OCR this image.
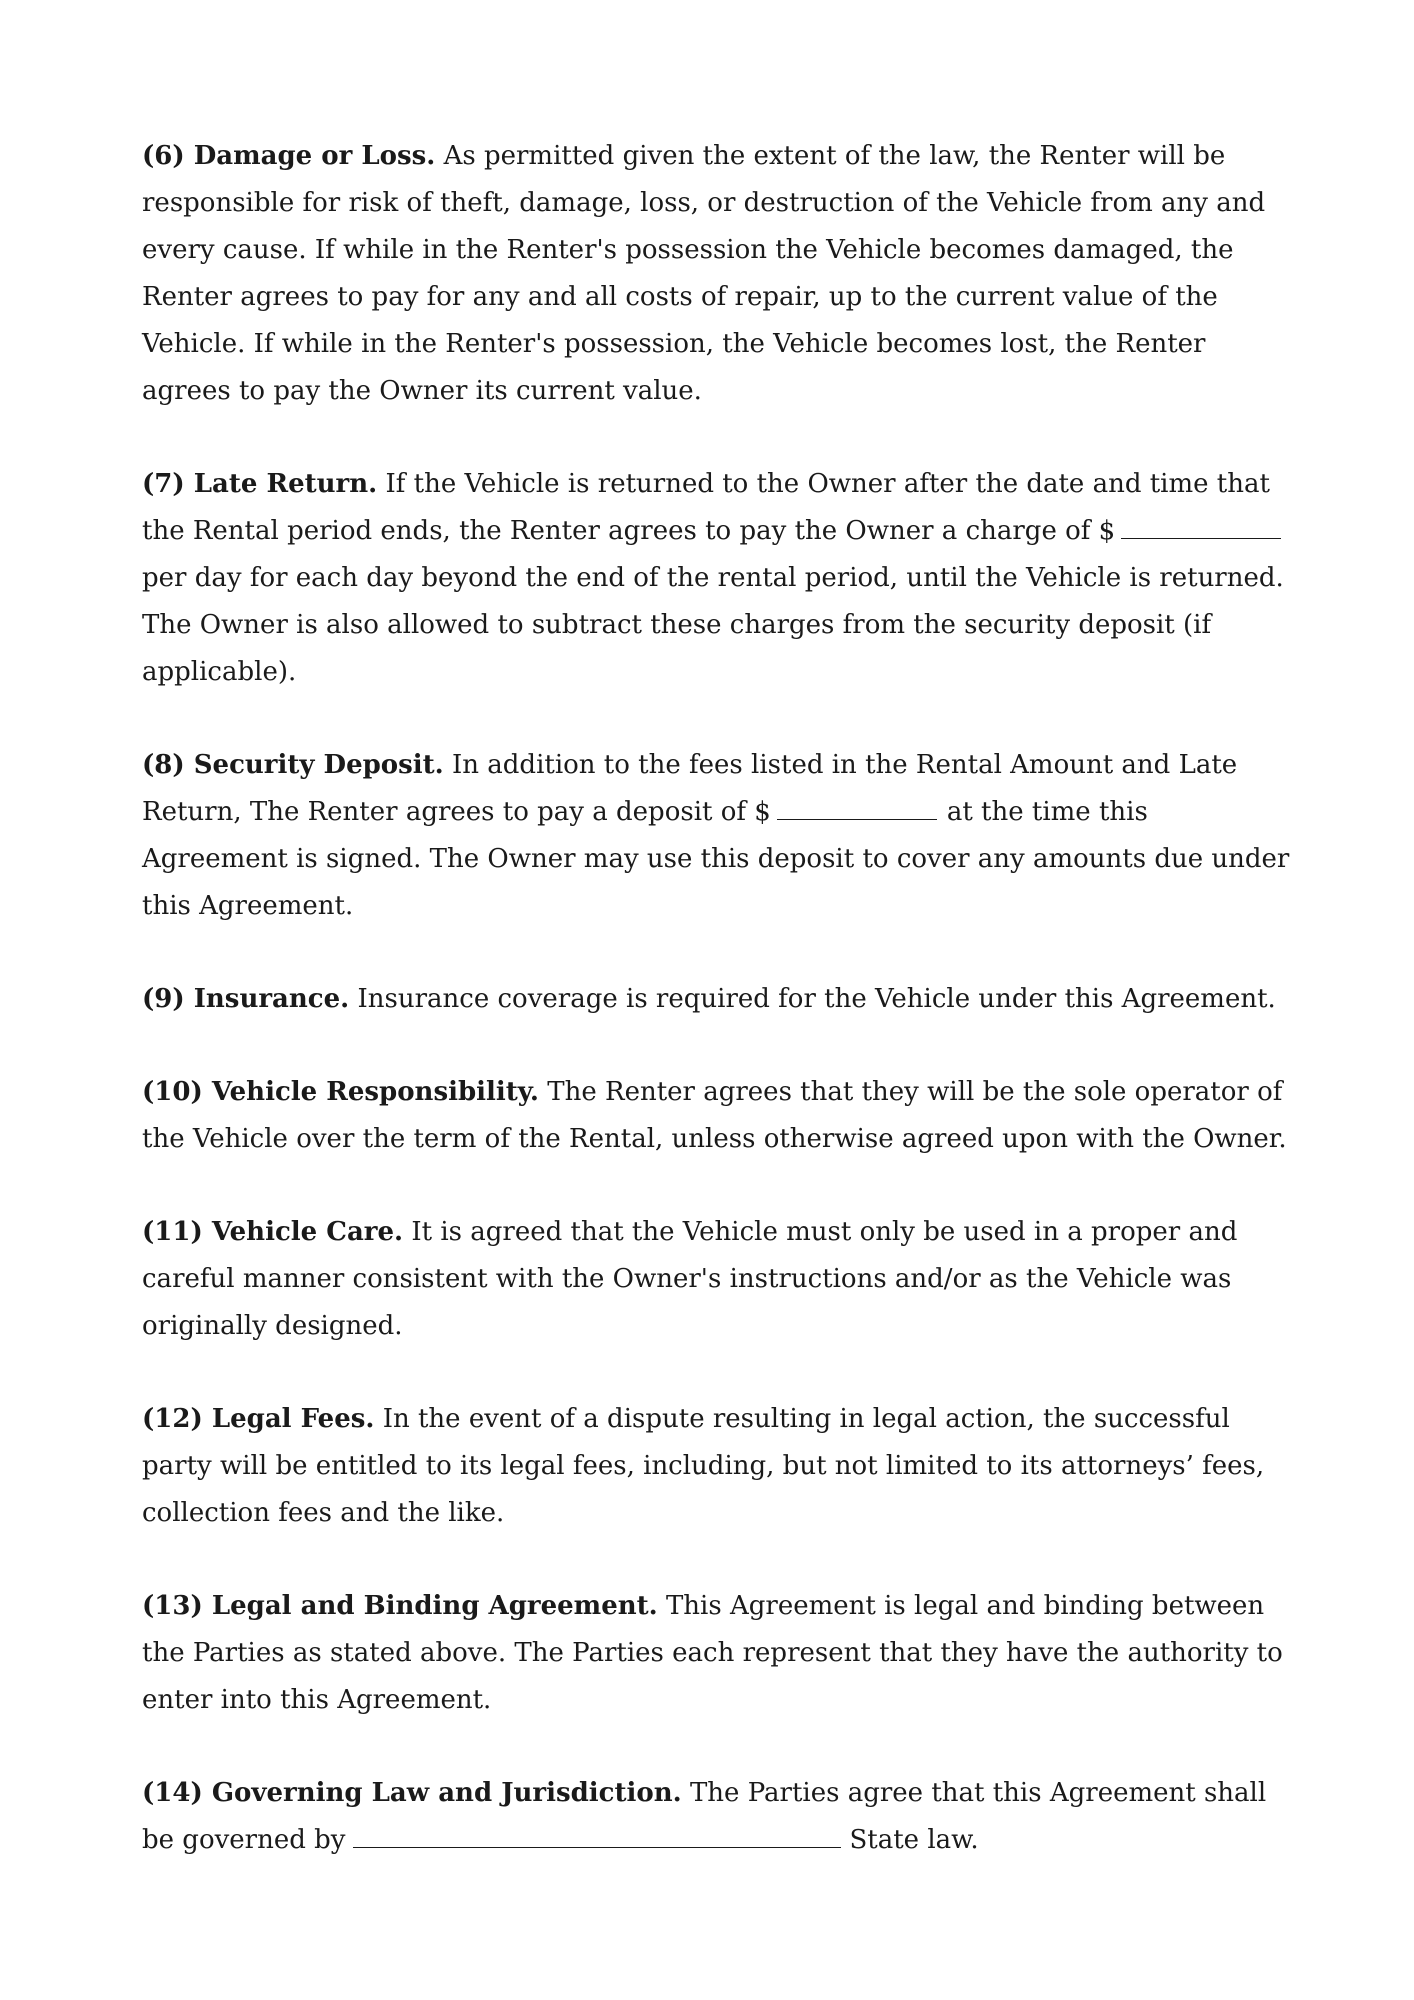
(6) Damage or Loss. As permitted given the extent of the law, the Renter will be responsible for risk of theft, damage, loss, or destruction of the Vehicle from any and every cause. If while in the Renter's possession the Vehicle becomes damaged, the Renter agrees to pay for any and all costs of repair, up to the current value of the Vehicle. If while in the Renter's possession, the Vehicle becomes lost, the Renter agrees to pay the Owner its current value.

(7) Late Return. If the Vehicle is returned to the Owner after the date and time that the Rental period ends, the Renter agrees to pay the Owner a charge of $per day for each day beyond the end of the rental period, until the Vehicle is returned. The Owner is also allowed to subtract these charges from the security deposit (if applicable).

(8) Security Deposit. In addition to the fees listed in the Rental Amount and Late Return, The Renter agrees to pay a deposit of $	at the time this Agreement is signed. The Owner may use this deposit to cover any amounts due under this Agreement.

(9) Insurance. Insurance coverage is required for the Vehicle under this Agreement.

(10) Vehicle Responsibility. The Renter agrees that they will be the sole operator of the Vehicle over the term of the Rental, unless otherwise agreed upon with the Owner.

(11) Vehicle Care. It is agreed that the Vehicle must only be used in a proper and careful manner consistent with the Owner's instructions and/or as the Vehicle was originally designed.

(12) Legal Fees. In the event of a dispute resulting in legal action, the successful party will be entitled to its legal fees, including, but not limited to its attorneys’ fees, collection fees and the like.

(13) Legal and Binding Agreement. This Agreement is legal and binding between the Parties as stated above. The Parties each represent that they have the authority to enter into this Agreement.

(14) Governing Law and Jurisdiction. The Parties agree that this Agreement shall be governed by	State law.
